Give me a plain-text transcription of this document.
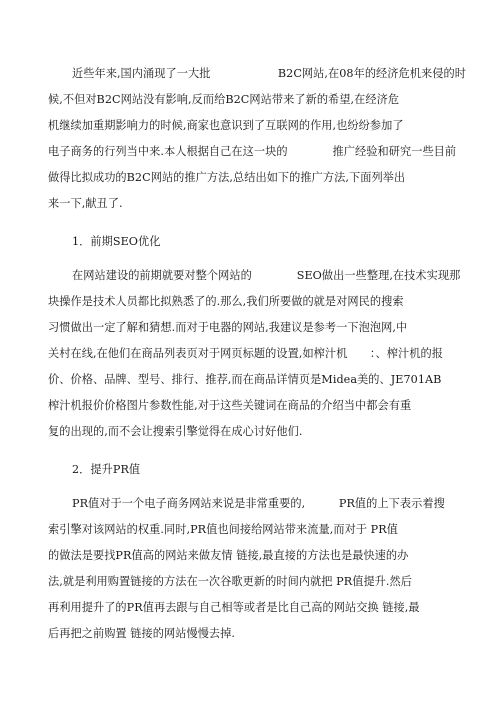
近些年来,国内涌现了一大批　　　　　　B2C网站,在08年的经济危机来侵的时
候,不但对B2C网站没有影响,反而给B2C网站带来了新的希望,在经济危
机继续加重期影响力的时候,商家也意识到了互联网的作用,也纷纷参加了
电子商务的行列当中来.本人根据自己在这一块的　　　　推广经验和研究一些目前
做得比拟成功的B2C网站的推广方法,总结出如下的推广方法,下面列举出
来一下,献丑了.
1．前期SEO优化
在网站建设的前期就要对整个网站的　　　　SEO做出一些整理,在技术实现那
块操作是技术人员都比拟熟悉了的.那么,我们所要做的就是对网民的搜索
习惯做出一定了解和猜想.而对于电器的网站,我建议是参考一下泡泡网,中
关村在线,在他们在商品列表页对于网页标题的设置,如榨汁机　　：、榨汁机的报
价、价格、品牌、型号、排行、推荐,而在商品详情页是Midea美的、JE701AB
榨汁机报价价格图片参数性能,对于这些关键词在商品的介绍当中都会有重
复的出现的,而不会让搜索引擎觉得在成心讨好他们.
2．提升PR值
PR值对于一个电子商务网站来说是非常重要的,　　　PR值的上下表示着搜
索引擎对该网站的权重.同时,PR值也间接给网站带来流量,而对于 PR值
的做法是要找PR值高的网站来做友情 链接,最直接的方法也是最快速的办
法,就是利用购置链接的方法在一次谷歌更新的时间内就把 PR值提升.然后
再利用提升了的PR值再去跟与自己相等或者是比自己高的网站交换 链接,最
后再把之前购置 链接的网站慢慢去掉.
